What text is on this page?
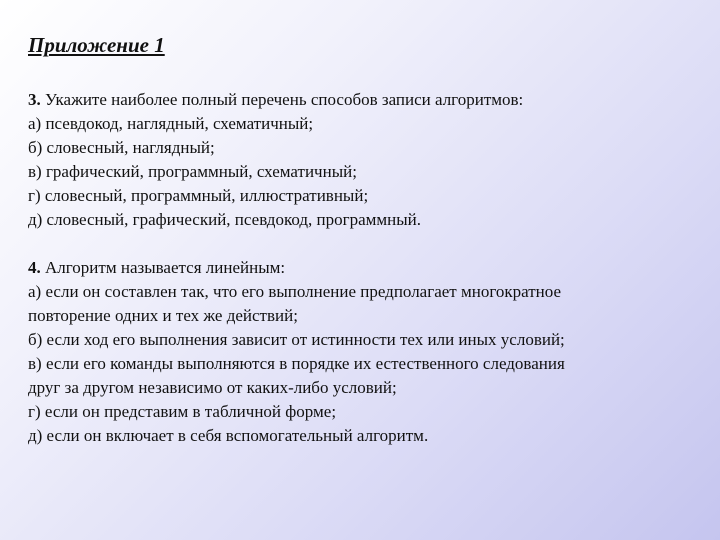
Приложение 1
3. Укажите наиболее полный перечень способов записи алгоритмов:
а) псевдокод, наглядный, схематичный;
б) словесный, наглядный;
в) графический, программный, схематичный;
г) словесный, программный, иллюстративный;
д) словесный, графический, псевдокод, программный.
4. Алгоритм называется линейным:
а) если он составлен так, что его выполнение предполагает многократное
повторение одних и тех же действий;
б) если ход его выполнения зависит от истинности тех или иных условий;
в) если его команды выполняются в порядке их естественного следования
друг за другом независимо от каких-либо условий;
г) если он представим в табличной форме;
д) если он включает в себя вспомогательный алгоритм.
